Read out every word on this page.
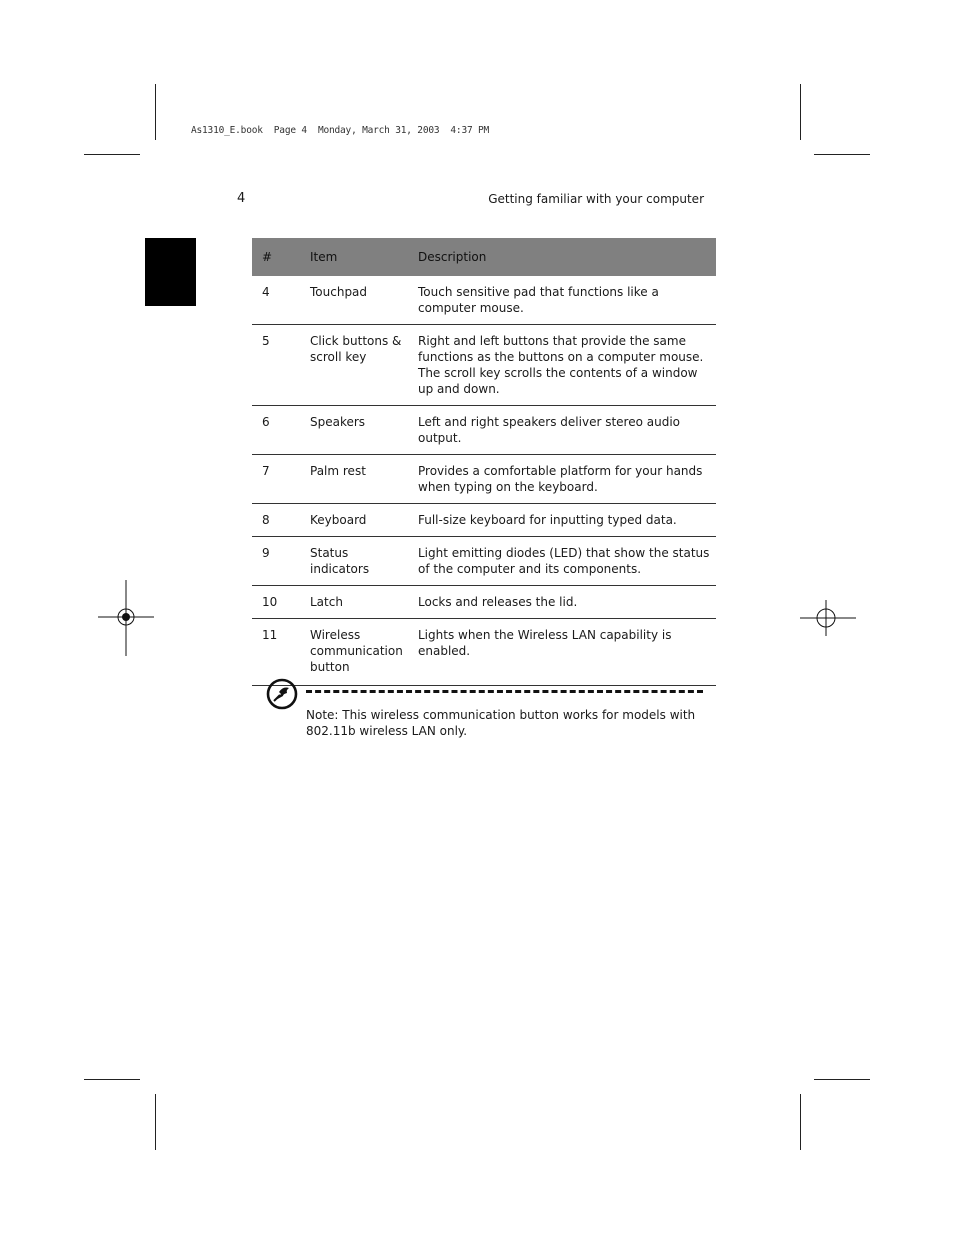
As1310_E.book  Page 4  Monday, March 31, 2003  4:37 PM
4	Getting familiar with your computer
#	Item	Description
4	Touchpad	Touch sensitive pad that functions like a computer mouse.
5	Click buttons & scroll key	Right and left buttons that provide the same functions as the buttons on a computer mouse. The scroll key scrolls the contents of a window up and down.
6	Speakers	Left and right speakers deliver stereo audio output.
7	Palm rest	Provides a comfortable platform for your hands when typing on the keyboard.
8	Keyboard	Full-size keyboard for inputting typed data.
9	Status indicators	Light emitting diodes (LED) that show the status of the computer and its components.
10	Latch	Locks and releases the lid.
11	Wireless communication button	Lights when the Wireless LAN capability is enabled.
Note: This wireless communication button works for models with 802.11b wireless LAN only.
